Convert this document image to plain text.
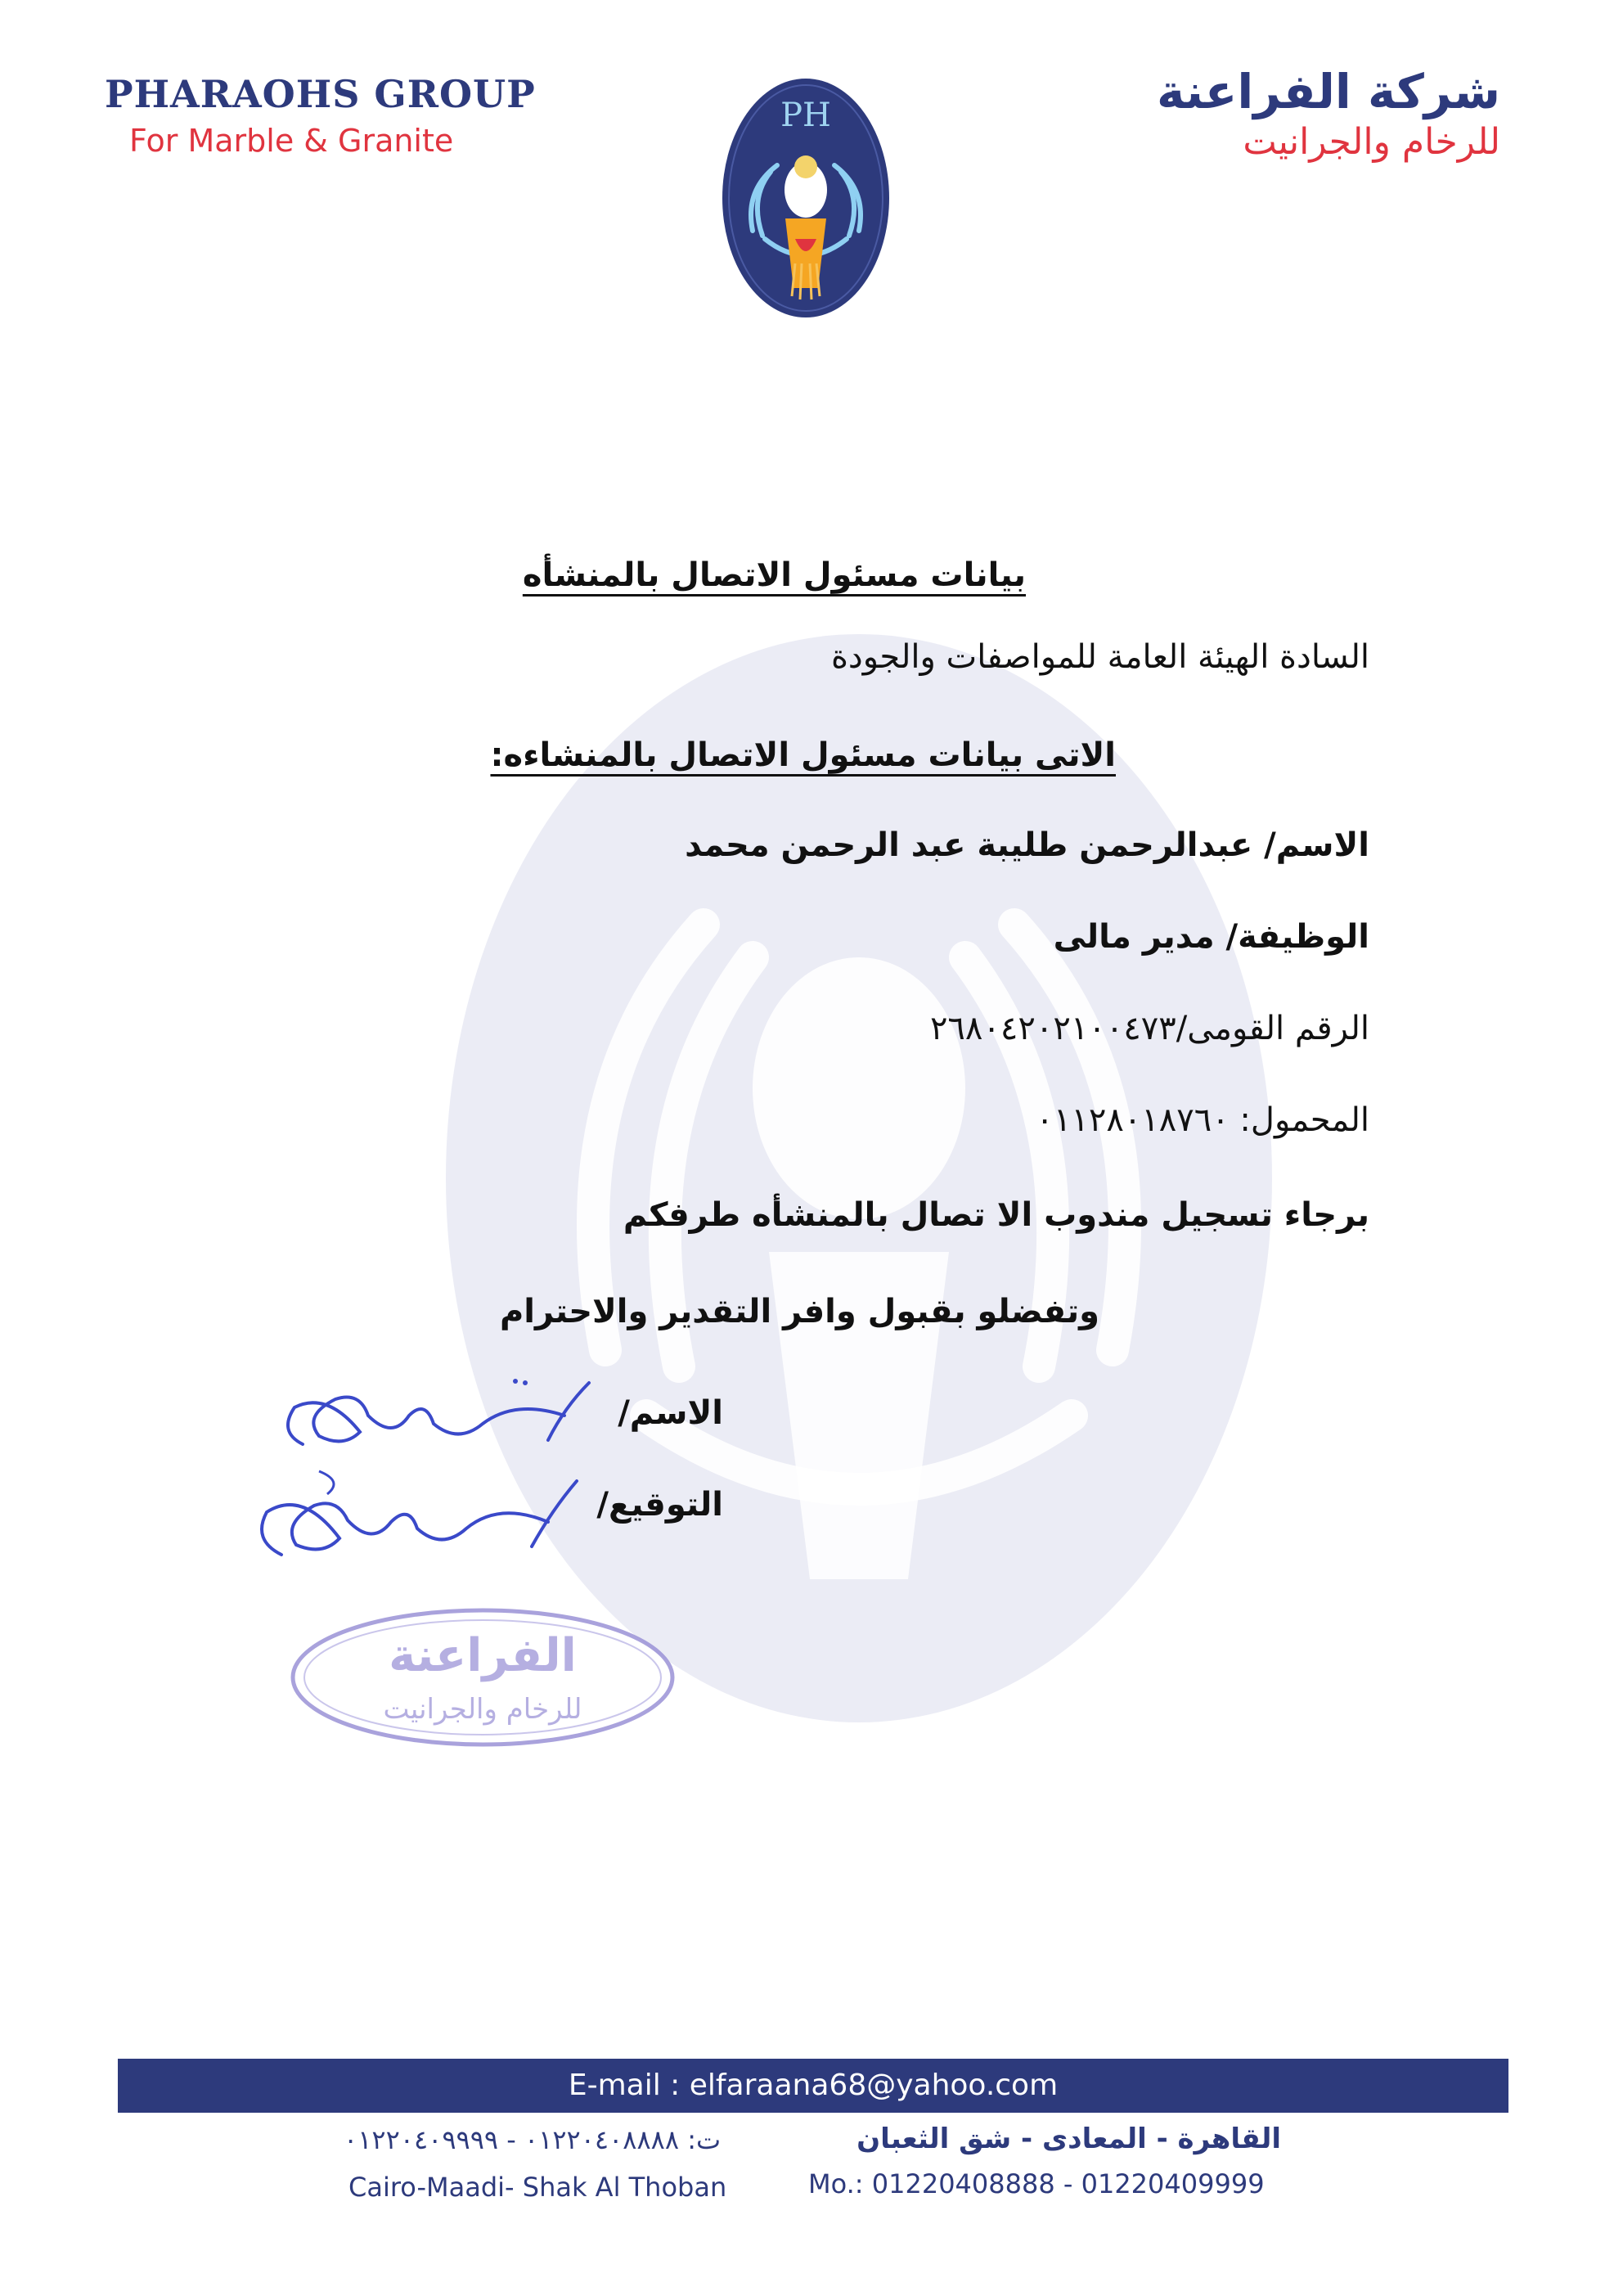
PHARAOHS GROUP
For Marble & Granite
شركة الفراعنة
للرخام والجرانيت
PH
بيانات مسئول الاتصال بالمنشأه
السادة الهيئة العامة للمواصفات والجودة
الاتى بيانات مسئول الاتصال بالمنشاءه:
الاسم/ عبدالرحمن طليبة عبد الرحمن محمد
الوظيفة/ مدير مالى
الرقم القومى/٢٦٨٠٤٢٠٢١٠٠٤٧٣
المحمول: ٠١١٢٨٠١٨٧٦٠
برجاء تسجيل مندوب الا تصال بالمنشأه طرفكم
وتفضلو بقبول وافر التقدير والاحترام
الاسم/
التوقيع/
الفراعنة
للرخام والجرانيت
E-mail : elfaraana68@yahoo.com
القاهرة - المعادى - شق الثعبان
ت: ٠١٢٢٠٤٠٨٨٨٨ - ٠١٢٢٠٤٠٩٩٩٩
Cairo-Maadi- Shak Al Thoban	Mo.: 01220408888 - 01220409999
